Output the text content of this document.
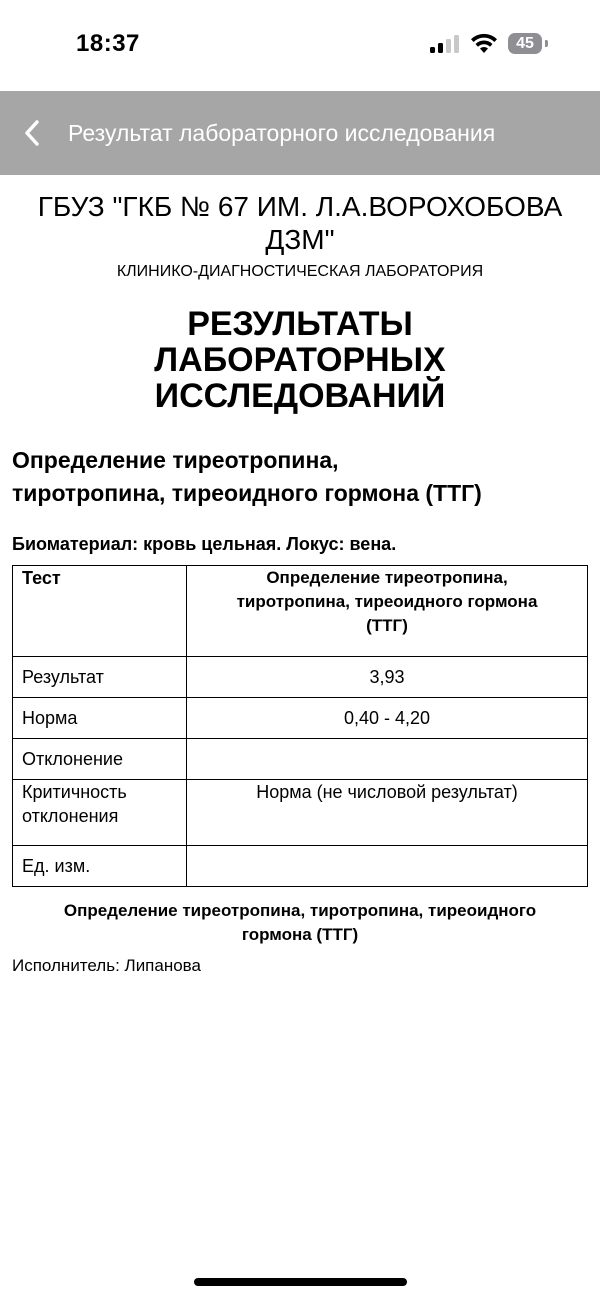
18:37	45
Результат лабораторного исследования
ГБУЗ "ГКБ № 67 ИМ. Л.А.ВОРОХОБОВА
ДЗМ"
КЛИНИКО-ДИАГНОСТИЧЕСКАЯ ЛАБОРАТОРИЯ
РЕЗУЛЬТАТЫ
ЛАБОРАТОРНЫХ
ИССЛЕДОВАНИЙ
Определение тиреотропина,
тиротропина, тиреоидного гормона (ТТГ)
Биоматериал: кровь цельная. Локус: вена.
Тест	Определение тиреотропина,
тиротропина, тиреоидного гормона
(ТТГ)

Результат	3,93
Норма	0,40 - 4,20
Отклонение	

Критичность
отклонения	Норма (не числовой результат)
Ед. изм.	
Определение тиреотропина, тиротропина, тиреоидного
гормона (ТТГ)
Исполнитель: Липанова
